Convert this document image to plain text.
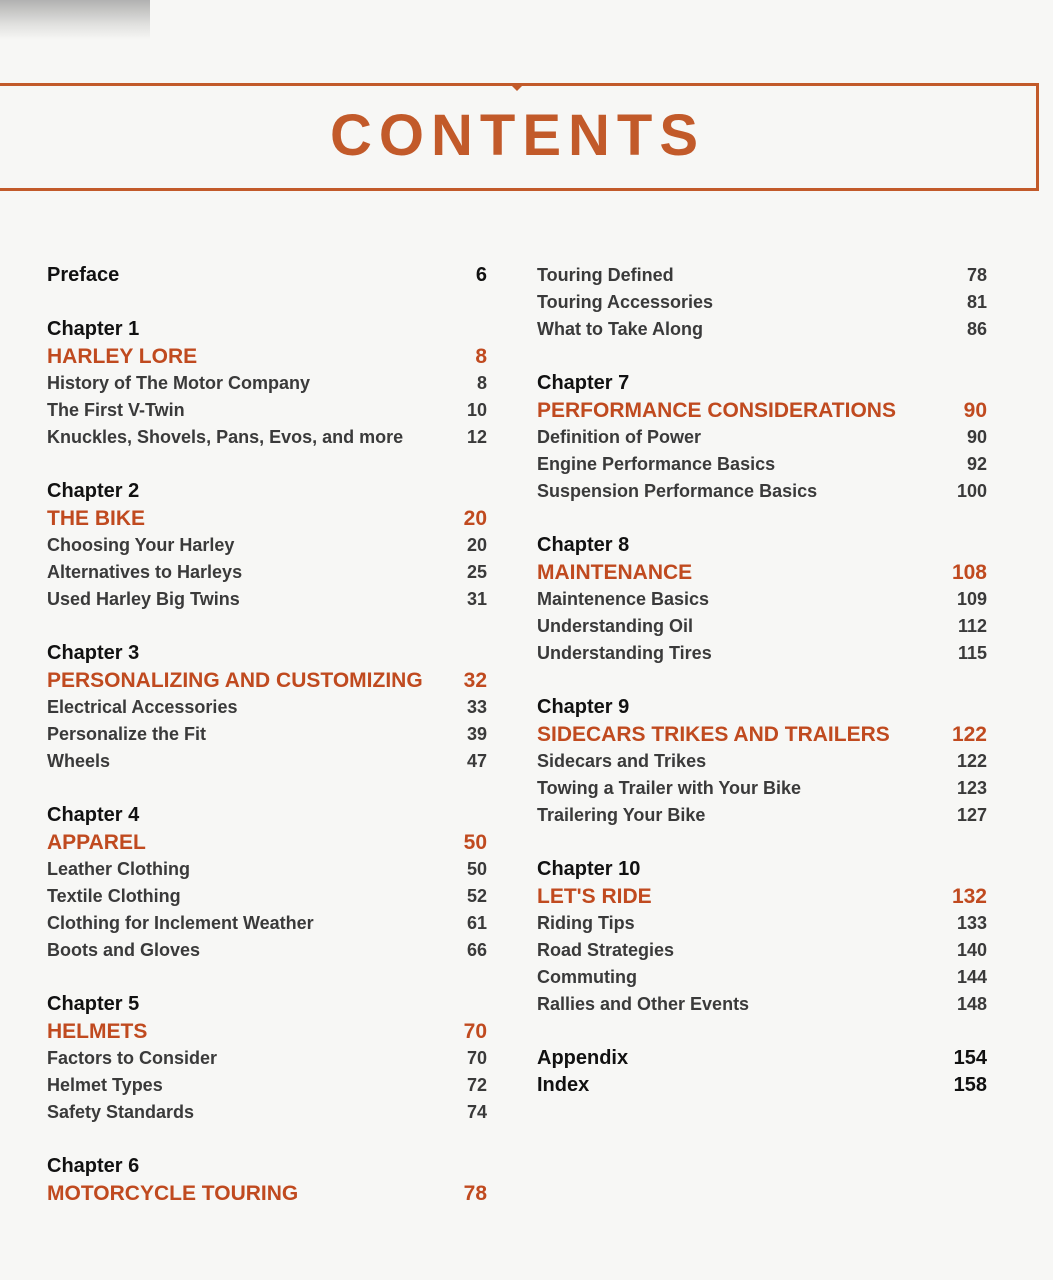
CONTENTS
Preface	6
Chapter 1
HARLEY LORE	8
History of The Motor Company	8
The First V-Twin	10
Knuckles, Shovels, Pans, Evos, and more	12
Chapter 2
THE BIKE	20
Choosing Your Harley	20
Alternatives to Harleys	25
Used Harley Big Twins	31
Chapter 3
PERSONALIZING AND CUSTOMIZING 32
Electrical Accessories	33
Personalize the Fit	39
Wheels	47
Chapter 4
APPAREL	50
Leather Clothing	50
Textile Clothing	52
Clothing for Inclement Weather	61
Boots and Gloves	66
Chapter 5
HELMETS	70
Factors to Consider	70
Helmet Types	72
Safety Standards	74
Chapter 6
MOTORCYCLE TOURING	78
Touring Defined	78
Touring Accessories	81
What to Take Along	86
Chapter 7
PERFORMANCE CONSIDERATIONS	90
Definition of Power	90
Engine Performance Basics	92
Suspension Performance Basics	100
Chapter 8
MAINTENANCE	108
Maintenence Basics	109
Understanding Oil	112
Understanding Tires	115
Chapter 9
SIDECARS TRIKES AND TRAILERS	122
Sidecars and Trikes	122
Towing a Trailer with Your Bike	123
Trailering Your Bike	127
Chapter 10
LET'S RIDE	132
Riding Tips	133
Road Strategies	140
Commuting	144
Rallies and Other Events	148
Appendix	154
Index	158
